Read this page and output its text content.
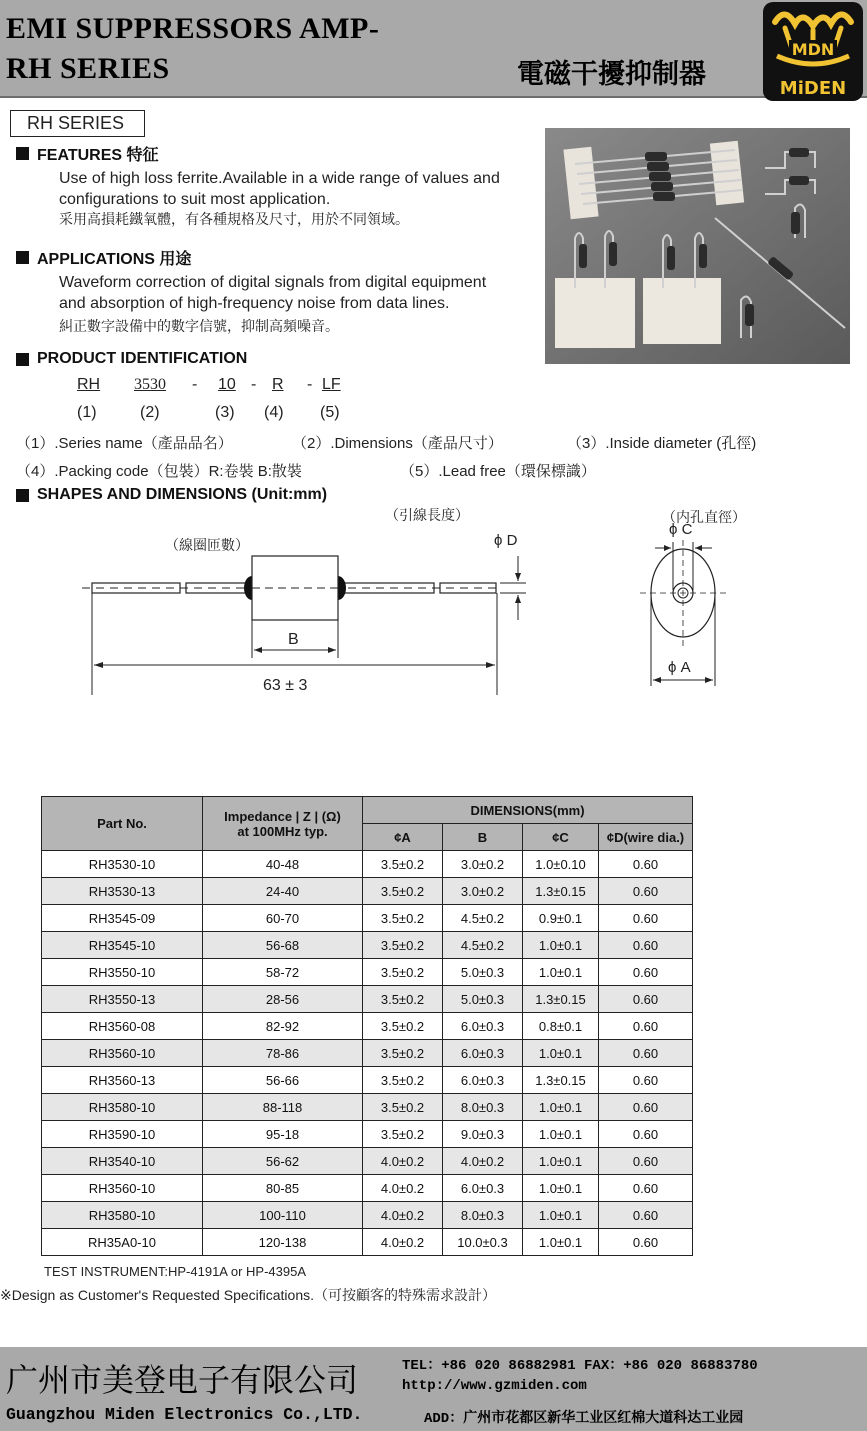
EMI SUPPRESSORS AMP-
RH SERIES	電磁干擾抑制器
MDN
MiDEN
RH SERIES
FEATURES 特征
Use of high loss ferrite.Available in a wide range of values and
configurations to suit most application.
采用高損耗鐵氧體，有各種規格及尺寸，用於不同領域。
APPLICATIONS 用途
Waveform correction of digital signals from digital equipment
and absorption of high-frequency noise from data lines.
糾正數字設備中的數字信號，抑制高頻噪音。
PRODUCT IDENTIFICATION
RH 3530 - 10 - R - LF
(1)	(2)	(3) (4) (5)
（1）.Series name（產品品名）	（2）.Dimensions（產品尺寸）	（3）.Inside diameter (孔徑)
（4）.Packing code（包裝）R:卷裝 B:散裝	（5）.Lead free（環保標識）
SHAPES AND DIMENSIONS (Unit:mm)
（引線長度）
（線圈匝數）
（内孔直徑）
ϕ D
ϕ C
ϕ A
B
63 ± 3
Part No.	Impedance | Z | (Ω)
at 100MHz typ.	DIMENSIONS(mm)			
		¢A	B	¢C	¢D(wire dia.)
RH3530-10	40-48	3.5±0.2	3.0±0.2	1.0±0.10	0.60
RH3530-13	24-40	3.5±0.2	3.0±0.2	1.3±0.15	0.60
RH3545-09	60-70	3.5±0.2	4.5±0.2	0.9±0.1	0.60
RH3545-10	56-68	3.5±0.2	4.5±0.2	1.0±0.1	0.60
RH3550-10	58-72	3.5±0.2	5.0±0.3	1.0±0.1	0.60
RH3550-13	28-56	3.5±0.2	5.0±0.3	1.3±0.15	0.60
RH3560-08	82-92	3.5±0.2	6.0±0.3	0.8±0.1	0.60
RH3560-10	78-86	3.5±0.2	6.0±0.3	1.0±0.1	0.60
RH3560-13	56-66	3.5±0.2	6.0±0.3	1.3±0.15	0.60
RH3580-10	88-118	3.5±0.2	8.0±0.3	1.0±0.1	0.60
RH3590-10	95-18	3.5±0.2	9.0±0.3	1.0±0.1	0.60
RH3540-10	56-62	4.0±0.2	4.0±0.2	1.0±0.1	0.60
RH3560-10	80-85	4.0±0.2	6.0±0.3	1.0±0.1	0.60
RH3580-10	100-110	4.0±0.2	8.0±0.3	1.0±0.1	0.60
RH35A0-10	120-138	4.0±0.2	10.0±0.3	1.0±0.1	0.60
TEST INSTRUMENT:HP-4191A or HP-4395A
※Design as Customer's Requested Specifications.（可按顧客的特殊需求設計）
广州市美登电子有限公司
Guangzhou Miden Electronics Co.,LTD.
TEL：+86 020 86882981 FAX：+86 020 86883780
http://www.gzmiden.com
ADD：广州市花都区新华工业区红棉大道科达工业园
